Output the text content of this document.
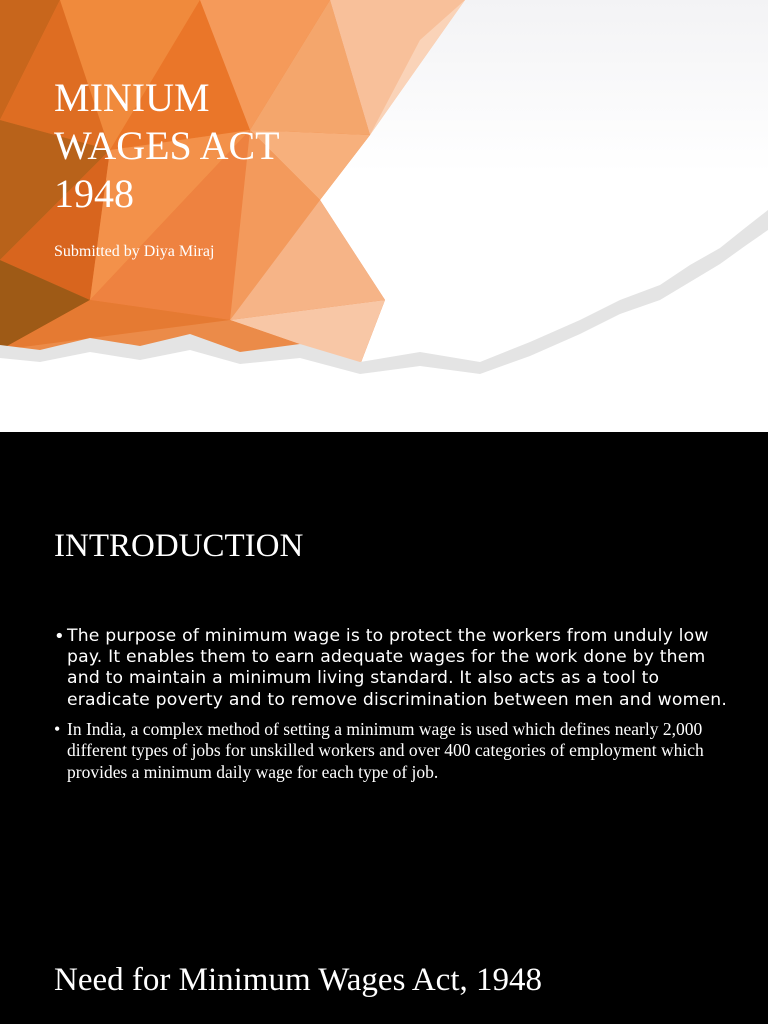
MINIUM
WAGES ACT
1948
Submitted by Diya Miraj
INTRODUCTION
• The purpose of minimum wage is to protect the workers from unduly low pay. It enables them to earn adequate wages for the work done by them and to maintain a minimum living standard. It also acts as a tool to eradicate poverty and to remove discrimination between men and women.
• In India, a complex method of setting a minimum wage is used which defines nearly 2,000 different types of jobs for unskilled workers and over 400 categories of employment which provides a minimum daily wage for each type of job.
Need for Minimum Wages Act, 1948
